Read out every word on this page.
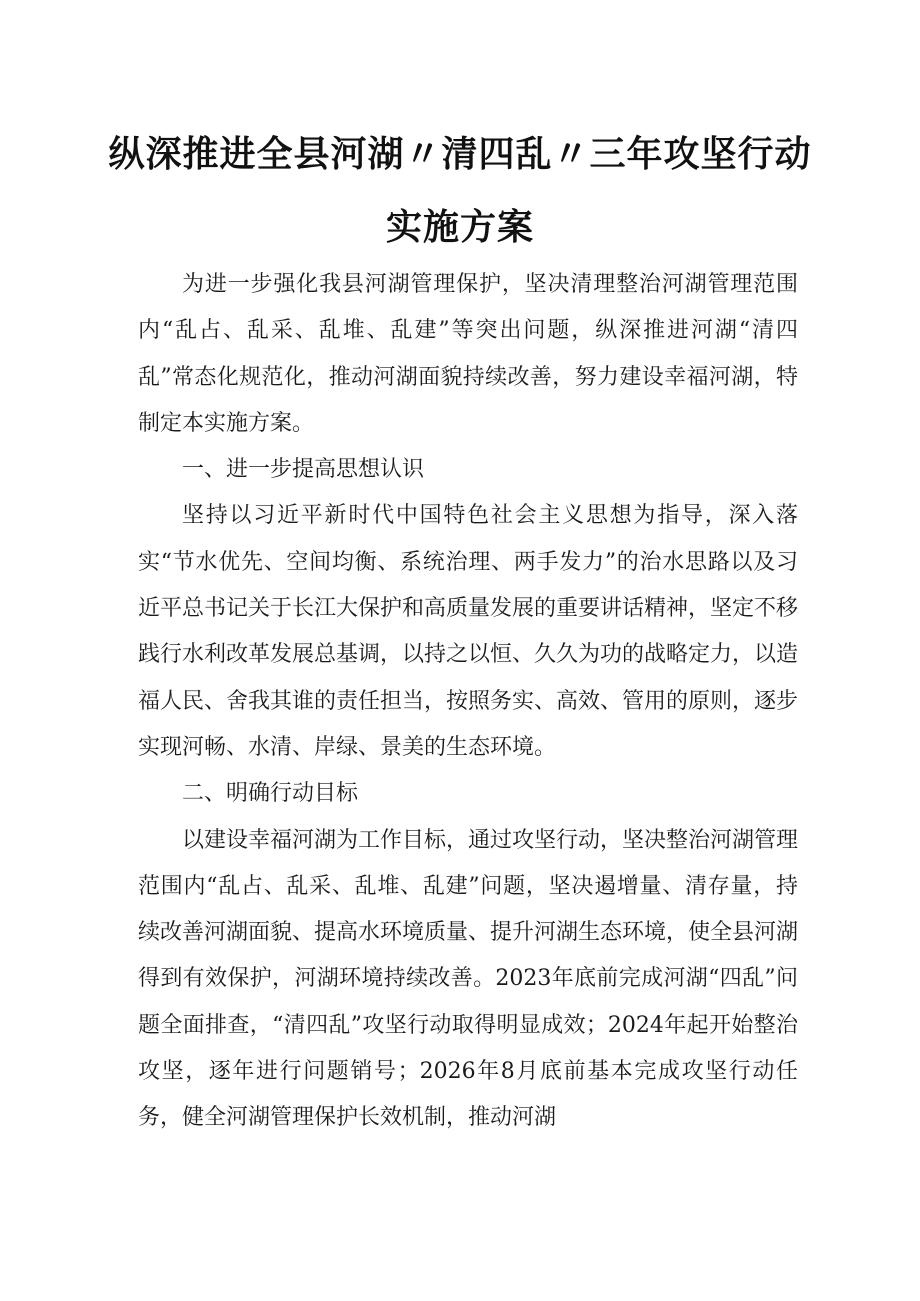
纵深推进全县河湖〃清四乱〃三年攻坚行动
实施方案

为进一步强化我县河湖管理保护，坚决清理整治河湖管理范围内“乱占、乱采、乱堆、乱建”等突出问题，纵深推进河湖“清四乱”常态化规范化，推动河湖面貌持续改善，努力建设幸福河湖，特制定本实施方案。

一、进一步提高思想认识

坚持以习近平新时代中国特色社会主义思想为指导，深入落实“节水优先、空间均衡、系统治理、两手发力”的治水思路以及习近平总书记关于长江大保护和高质量发展的重要讲话精神，坚定不移践行水利改革发展总基调，以持之以恒、久久为功的战略定力，以造福人民、舍我其谁的责任担当，按照务实、高效、管用的原则，逐步实现河畅、水清、岸绿、景美的生态环境。

二、明确行动目标

以建设幸福河湖为工作目标，通过攻坚行动，坚决整治河湖管理范围内“乱占、乱采、乱堆、乱建”问题，坚决遏增量、清存量，持续改善河湖面貌、提高水环境质量、提升河湖生态环境，使全县河湖得到有效保护，河湖环境持续改善。2023年底前完成河湖“四乱”问题全面排查，“清四乱”攻坚行动取得明显成效；2024年起开始整治攻坚，逐年进行问题销号；2026年8月底前基本完成攻坚行动任务，健全河湖管理保护长效机制，推动河湖
